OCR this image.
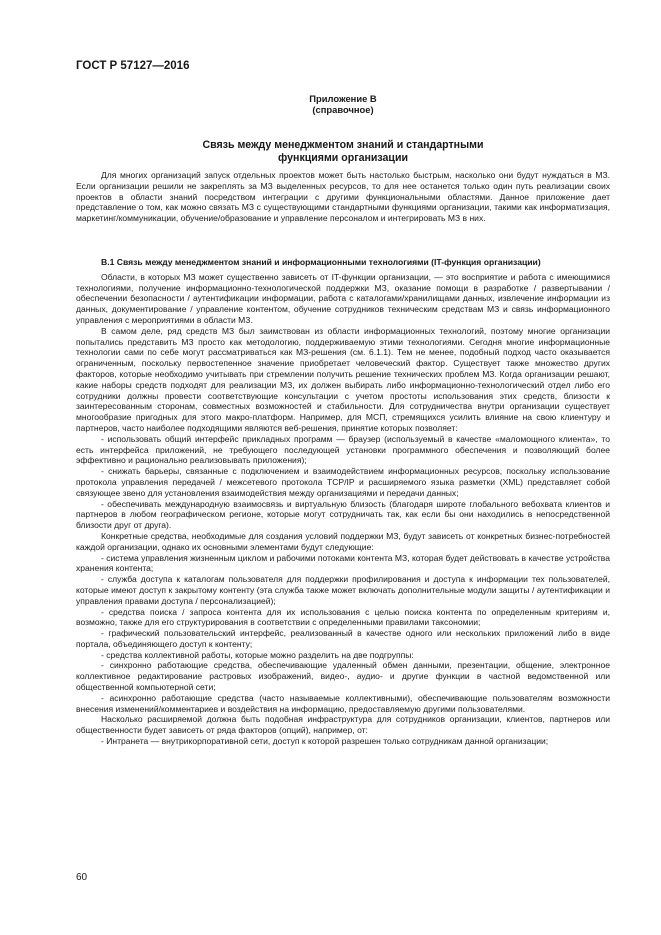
ГОСТ Р 57127—2016

Приложение В
(справочное)
Связь между менеджментом знаний и стандартными
функциями организации

Для многих организаций запуск отдельных проектов может быть настолько быстрым, насколько они будут нуждаться в МЗ. Если организации решили не закреплять за МЗ выделенных ресурсов, то для нее останется только один путь реализации своих проектов в области знаний посредством интеграции с другими функциональными областями. Данное приложение дает представление о том, как можно связать МЗ с существующими стандартными функциями организации, такими как информатизация, маркетинг/коммуникации, обучение/образование и управление персоналом и интегрировать МЗ в них.

В.1 Связь между менеджментом знаний и информационными технологиями (IT-функция организации)

Области, в которых МЗ может существенно зависеть от IT-функции организации, — это восприятие и работа с имеющимися технологиями, получение информационно-технологической поддержки МЗ, оказание помощи в разработке / развертывании / обеспечении безопасности / аутентификации информации, работа с каталогами/хранилищами данных, извлечение информации из данных, документирование / управление контентом, обучение сотрудников техническим средствам МЗ и связь информационного управления с мероприятиями в области МЗ.

В самом деле, ряд средств МЗ был заимствован из области информационных технологий, поэтому многие организации попытались представить МЗ просто как методологию, поддерживаемую этими технологиями. Сегодня многие информационные технологии сами по себе могут рассматриваться как МЗ-решения (см. 6.1.1). Тем не менее, подобный подход часто оказывается ограниченным, поскольку первостепенное значение приобретает человеческий фактор. Существует также множество других факторов, которые необходимо учитывать при стремлении получить решение технических проблем МЗ. Когда организации решают, какие наборы средств подходят для реализации МЗ, их должен выбирать либо информационно-технологический отдел либо его сотрудники должны провести соответствующие консультации с учетом простоты использования этих средств, близости к заинтересованным сторонам, совместных возможностей и стабильности. Для сотрудничества внутри организации существует многообразие пригодных для этого макро-платформ. Например, для МСП, стремящихся усилить влияние на свою клиентуру и партнеров, часто наиболее подходящими являются веб-решения, принятие которых позволяет:

- использовать общий интерфейс прикладных программ — браузер (используемый в качестве «маломощного клиента», то есть интерфейса приложений, не требующего последующей установки программного обеспечения и позволяющий более эффективно и рационально реализовывать приложения);

- снижать барьеры, связанные с подключением и взаимодействием информационных ресурсов, поскольку использование протокола управления передачей / межсетевого протокола TCP/IP и расширяемого языка разметки (XML) представляет собой связующее звено для установления взаимодействия между организациями и передачи данных;

- обеспечивать международную взаимосвязь и виртуальную близость (благодаря широте глобального вебохвата клиентов и партнеров в любом географическом регионе, которые могут сотрудничать так, как если бы они находились в непосредственной близости друг от друга).

Конкретные средства, необходимые для создания условий поддержки МЗ, будут зависеть от конкретных бизнес-потребностей каждой организации, однако их основными элементами будут следующие:

- система управления жизненным циклом и рабочими потоками контента МЗ, которая будет действовать в качестве устройства хранения контента;

- служба доступа к каталогам пользователя для поддержки профилирования и доступа к информации тех пользователей, которые имеют доступ к закрытому контенту (эта служба также может включать дополнительные модули защиты / аутентификации и управления правами доступа / персонализацией);

- средства поиска / запроса контента для их использования с целью поиска контента по определенным критериям и, возможно, также для его структурирования в соответствии с определенными правилами таксономии;

- графический пользовательский интерфейс, реализованный в качестве одного или нескольких приложений либо в виде портала, объединяющего доступ к контенту;

- средства коллективной работы, которые можно разделить на две подгруппы:

- синхронно работающие средства, обеспечивающие удаленный обмен данными, презентации, общение, электронное коллективное редактирование растровых изображений, видео-, аудио- и другие функции в частной ведомственной или общественной компьютерной сети;

- асинхронно работающие средства (часто называемые коллективными), обеспечивающие пользователям возможности внесения изменений/комментариев и воздействия на информацию, предоставляемую другими пользователями.

Насколько расширяемой должна быть подобная инфраструктура для сотрудников организации, клиентов, партнеров или общественности будет зависеть от ряда факторов (опций), например, от:

- Интранета — внутрикорпоративной сети, доступ к которой разрешен только сотрудникам данной организации;

60
